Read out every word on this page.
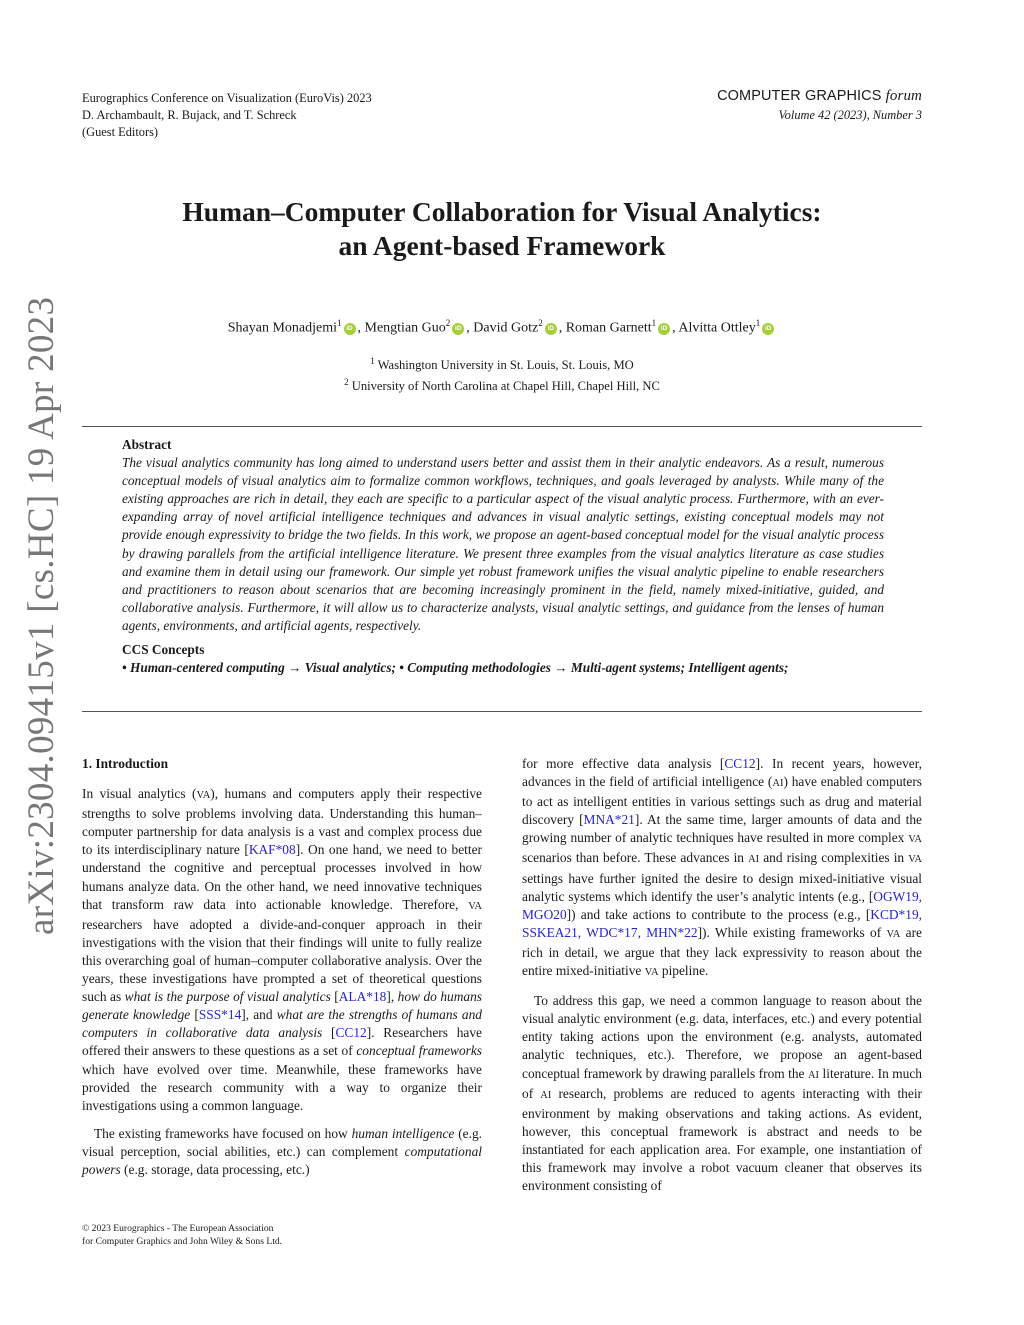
Eurographics Conference on Visualization (EuroVis) 2023
D. Archambault, R. Bujack, and T. Schreck
(Guest Editors)
COMPUTER GRAPHICS forum
Volume 42 (2023), Number 3
arXiv:2304.09415v1 [cs.HC] 19 Apr 2023
Human–Computer Collaboration for Visual Analytics:
an Agent-based Framework
Shayan Monadjemi$^1$iD , Mengtian Guo$^2$iD , David Gotz$^2$iD , Roman Garnett$^1$iD , Alvitta Ottley$^1$iD
$^1$ Washington University in St. Louis, St. Louis, MO
$^2$ University of North Carolina at Chapel Hill, Chapel Hill, NC
Abstract
The visual analytics community has long aimed to understand users better and assist them in their analytic endeavors. As a result, numerous conceptual models of visual analytics aim to formalize common workflows, techniques, and goals leveraged by analysts. While many of the existing approaches are rich in detail, they each are specific to a particular aspect of the visual analytic process. Furthermore, with an ever-expanding array of novel artificial intelligence techniques and advances in visual analytic settings, existing conceptual models may not provide enough expressivity to bridge the two fields. In this work, we propose an agent-based conceptual model for the visual analytic process by drawing parallels from the artificial intelligence literature. We present three examples from the visual analytics literature as case studies and examine them in detail using our framework. Our simple yet robust framework unifies the visual analytic pipeline to enable researchers and practitioners to reason about scenarios that are becoming increasingly prominent in the field, namely mixed-initiative, guided, and collaborative analysis. Furthermore, it will allow us to characterize analysts, visual analytic settings, and guidance from the lenses of human agents, environments, and artificial agents, respectively.
CCS Concepts
• Human-centered computing → Visual analytics; • Computing methodologies → Multi-agent systems; Intelligent agents;

1. Introduction

In visual analytics (VA), humans and computers apply their respective strengths to solve problems involving data. Understanding this human–computer partnership for data analysis is a vast and complex process due to its interdisciplinary nature [KAF*08]. On one hand, we need to better understand the cognitive and perceptual processes involved in how humans analyze data. On the other hand, we need innovative techniques that transform raw data into actionable knowledge. Therefore, VA researchers have adopted a divide-and-conquer approach in their investigations with the vision that their findings will unite to fully realize this overarching goal of human–computer collaborative analysis. Over the years, these investigations have prompted a set of theoretical questions such as what is the purpose of visual analytics [ALA*18], how do humans generate knowledge [SSS*14], and what are the strengths of humans and computers in collaborative data analysis [CC12]. Researchers have offered their answers to these questions as a set of conceptual frameworks which have evolved over time. Meanwhile, these frameworks have provided the research community with a way to organize their investigations using a common language.

The existing frameworks have focused on how human intelligence (e.g. visual perception, social abilities, etc.) can complement computational powers (e.g. storage, data processing, etc.)

for more effective data analysis [CC12]. In recent years, however, advances in the field of artificial intelligence (AI) have enabled computers to act as intelligent entities in various settings such as drug and material discovery [MNA*21]. At the same time, larger amounts of data and the growing number of analytic techniques have resulted in more complex VA scenarios than before. These advances in AI and rising complexities in VA settings have further ignited the desire to design mixed-initiative visual analytic systems which identify the user’s analytic intents (e.g., [OGW19, MGO20]) and take actions to contribute to the process (e.g., [KCD*19, SSKEA21, WDC*17, MHN*22]). While existing frameworks of VA are rich in detail, we argue that they lack expressivity to reason about the entire mixed-initiative VA pipeline.

To address this gap, we need a common language to reason about the visual analytic environment (e.g. data, interfaces, etc.) and every potential entity taking actions upon the environment (e.g. analysts, automated analytic techniques, etc.). Therefore, we propose an agent-based conceptual framework by drawing parallels from the AI literature. In much of AI research, problems are reduced to agents interacting with their environment by making observations and taking actions. As evident, however, this conceptual framework is abstract and needs to be instantiated for each application area. For example, one instantiation of this framework may involve a robot vacuum cleaner that observes its environment consisting of

© 2023 Eurographics - The European Association
for Computer Graphics and John Wiley & Sons Ltd.
